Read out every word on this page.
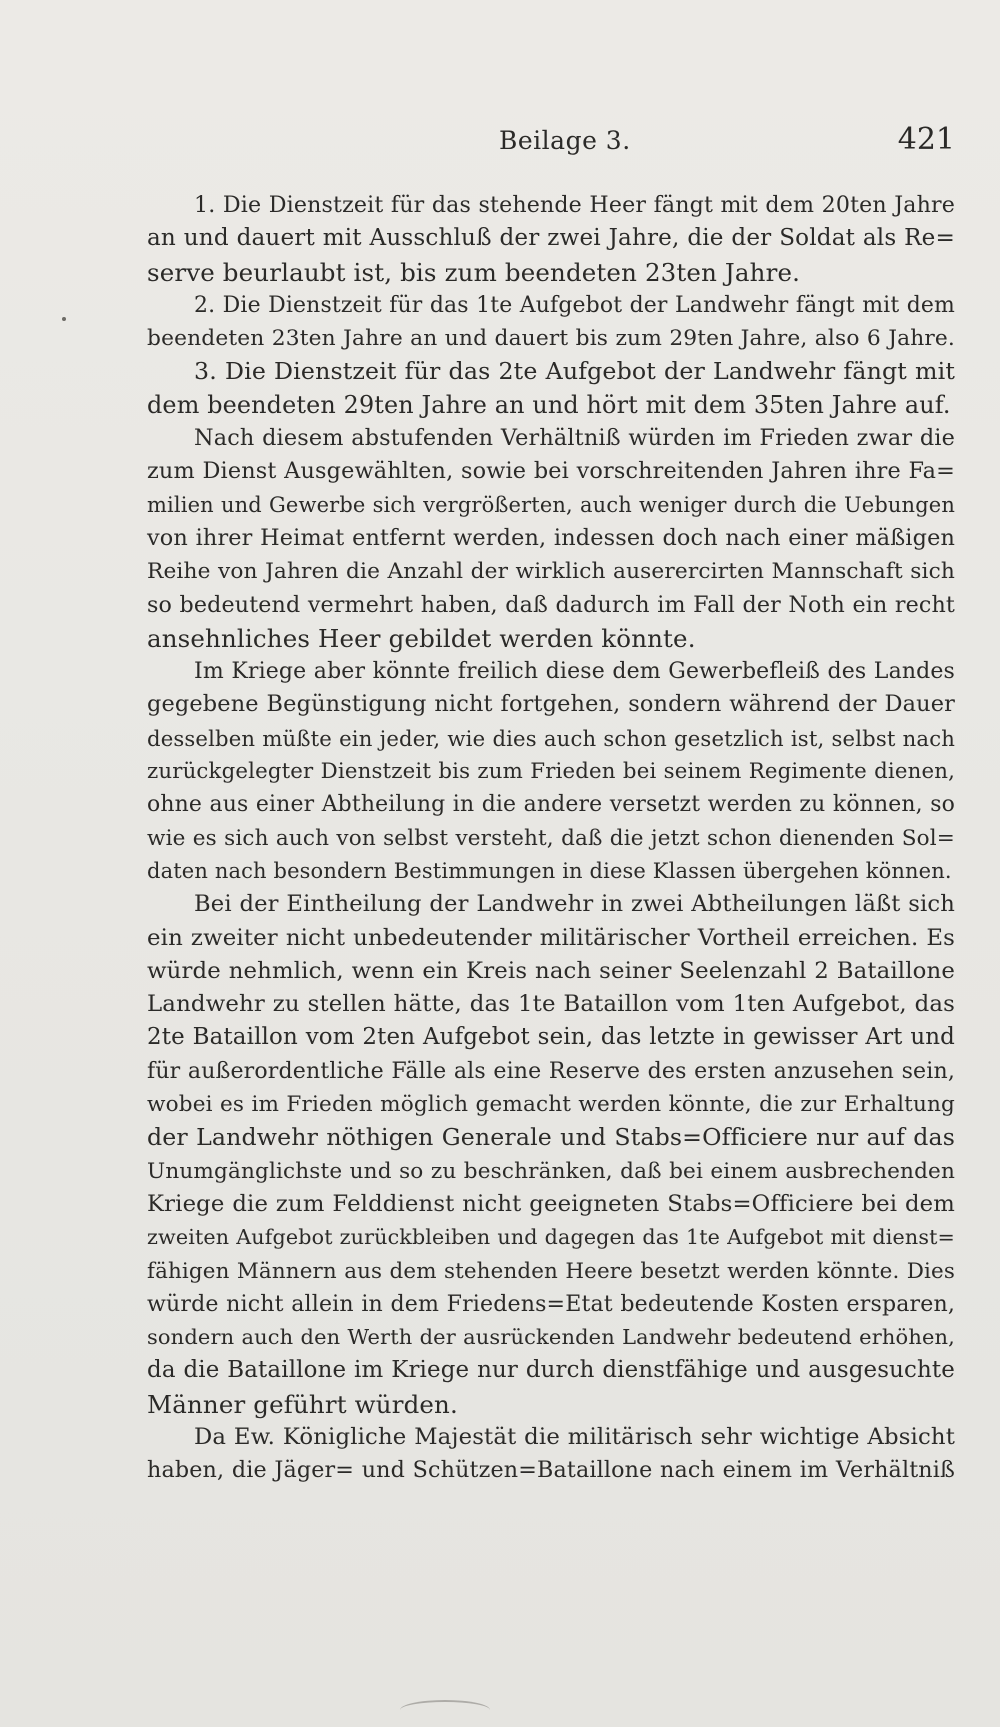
Beilage 3.	421
1. Die Dienstzeit für das stehende Heer fängt mit dem 20ten Jahre
an und dauert mit Ausschluß der zwei Jahre, die der Soldat als Re=
serve beurlaubt ist, bis zum beendeten 23ten Jahre.
2. Die Dienstzeit für das 1te Aufgebot der Landwehr fängt mit dem
beendeten 23ten Jahre an und dauert bis zum 29ten Jahre, also 6 Jahre.
3. Die Dienstzeit für das 2te Aufgebot der Landwehr fängt mit
dem beendeten 29ten Jahre an und hört mit dem 35ten Jahre auf.
Nach diesem abstufenden Verhältniß würden im Frieden zwar die
zum Dienst Ausgewählten, sowie bei vorschreitenden Jahren ihre Fa=
milien und Gewerbe sich vergrößerten, auch weniger durch die Uebungen
von ihrer Heimat entfernt werden, indessen doch nach einer mäßigen
Reihe von Jahren die Anzahl der wirklich auserercirten Mannschaft sich
so bedeutend vermehrt haben, daß dadurch im Fall der Noth ein recht
ansehnliches Heer gebildet werden könnte.
Im Kriege aber könnte freilich diese dem Gewerbefleiß des Landes
gegebene Begünstigung nicht fortgehen, sondern während der Dauer
desselben müßte ein jeder, wie dies auch schon gesetzlich ist, selbst nach
zurückgelegter Dienstzeit bis zum Frieden bei seinem Regimente dienen,
ohne aus einer Abtheilung in die andere versetzt werden zu können, so
wie es sich auch von selbst versteht, daß die jetzt schon dienenden Sol=
daten nach besondern Bestimmungen in diese Klassen übergehen können.
Bei der Eintheilung der Landwehr in zwei Abtheilungen läßt sich
ein zweiter nicht unbedeutender militärischer Vortheil erreichen. Es
würde nehmlich, wenn ein Kreis nach seiner Seelenzahl 2 Bataillone
Landwehr zu stellen hätte, das 1te Bataillon vom 1ten Aufgebot, das
2te Bataillon vom 2ten Aufgebot sein, das letzte in gewisser Art und
für außerordentliche Fälle als eine Reserve des ersten anzusehen sein,
wobei es im Frieden möglich gemacht werden könnte, die zur Erhaltung
der Landwehr nöthigen Generale und Stabs=Officiere nur auf das
Unumgänglichste und so zu beschränken, daß bei einem ausbrechenden
Kriege die zum Felddienst nicht geeigneten Stabs=Officiere bei dem
zweiten Aufgebot zurückbleiben und dagegen das 1te Aufgebot mit dienst=
fähigen Männern aus dem stehenden Heere besetzt werden könnte. Dies
würde nicht allein in dem Friedens=Etat bedeutende Kosten ersparen,
sondern auch den Werth der ausrückenden Landwehr bedeutend erhöhen,
da die Bataillone im Kriege nur durch dienstfähige und ausgesuchte
Männer geführt würden.
Da Ew. Königliche Majestät die militärisch sehr wichtige Absicht
haben, die Jäger= und Schützen=Bataillone nach einem im Verhältniß
